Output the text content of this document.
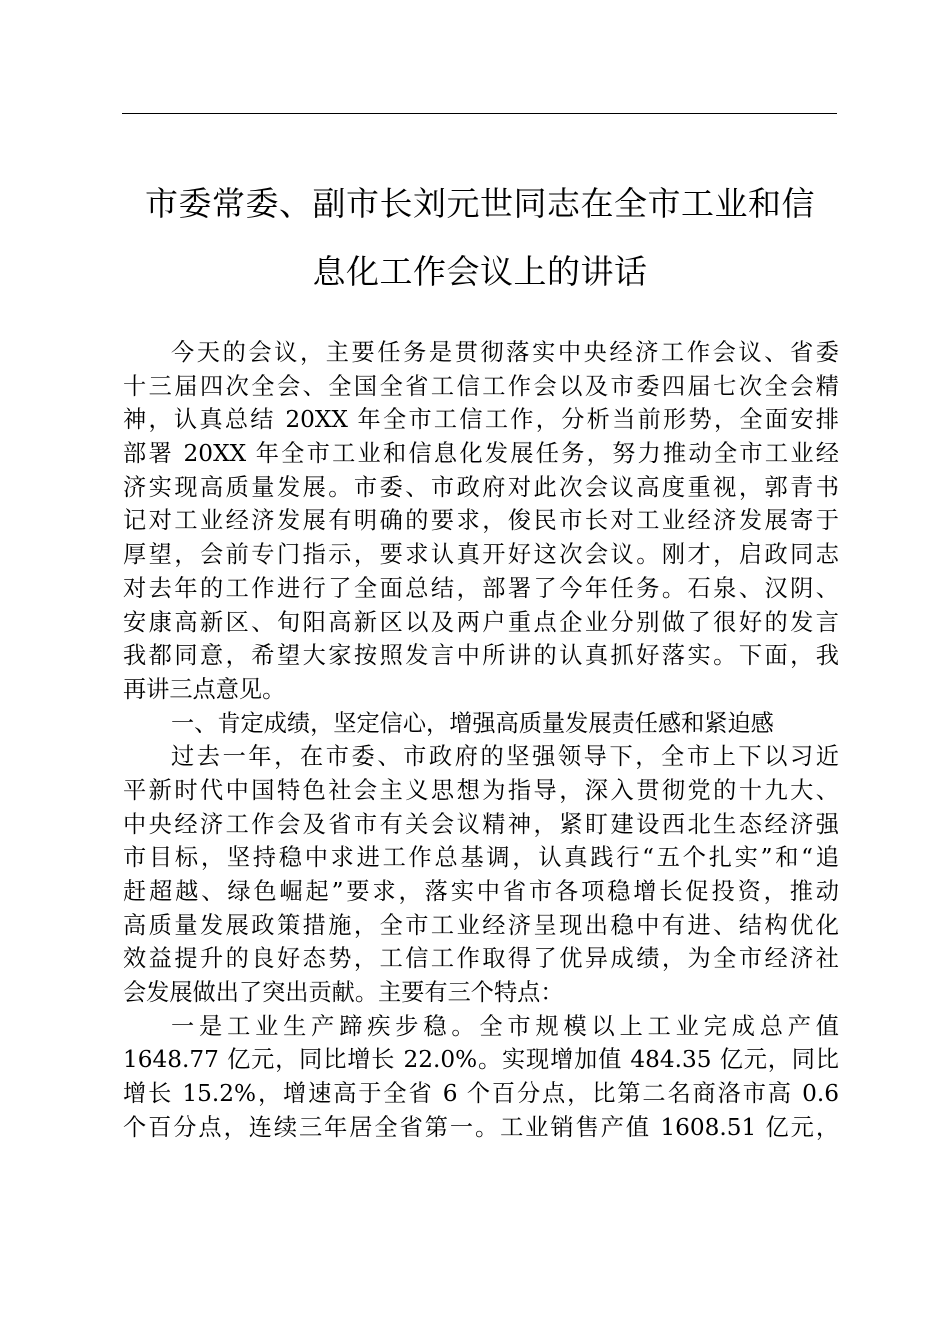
市委常委、副市长刘元世同志在全市工业和信
息化工作会议上的讲话
今天的会议，主要任务是贯彻落实中央经济工作会议、省委
十三届四次全会、全国全省工信工作会以及市委四届七次全会精
神，认真总结 20XX 年全市工信工作，分析当前形势，全面安排
部署 20XX 年全市工业和信息化发展任务，努力推动全市工业经
济实现高质量发展。市委、市政府对此次会议高度重视，郭青书
记对工业经济发展有明确的要求，俊民市长对工业经济发展寄于
厚望，会前专门指示，要求认真开好这次会议。刚才，启政同志
对去年的工作进行了全面总结，部署了今年任务。石泉、汉阴、
安康高新区、旬阳高新区以及两户重点企业分别做了很好的发言
我都同意，希望大家按照发言中所讲的认真抓好落实。下面，我
再讲三点意见。
一、肯定成绩，坚定信心，增强高质量发展责任感和紧迫感
过去一年，在市委、市政府的坚强领导下，全市上下以习近
平新时代中国特色社会主义思想为指导，深入贯彻党的十九大、
中央经济工作会及省市有关会议精神，紧盯建设西北生态经济强
市目标，坚持稳中求进工作总基调，认真践行“五个扎实”和“追
赶超越、绿色崛起”要求，落实中省市各项稳增长促投资，推动
高质量发展政策措施，全市工业经济呈现出稳中有进、结构优化
效益提升的良好态势，工信工作取得了优异成绩，为全市经济社
会发展做出了突出贡献。主要有三个特点：
一是工业生产蹄疾步稳。全市规模以上工业完成总产值
1648.77 亿元，同比增长 22.0%。实现增加值 484.35 亿元，同比
增长 15.2%，增速高于全省 6 个百分点，比第二名商洛市高 0.6
个百分点，连续三年居全省第一。工业销售产值 1608.51 亿元，
